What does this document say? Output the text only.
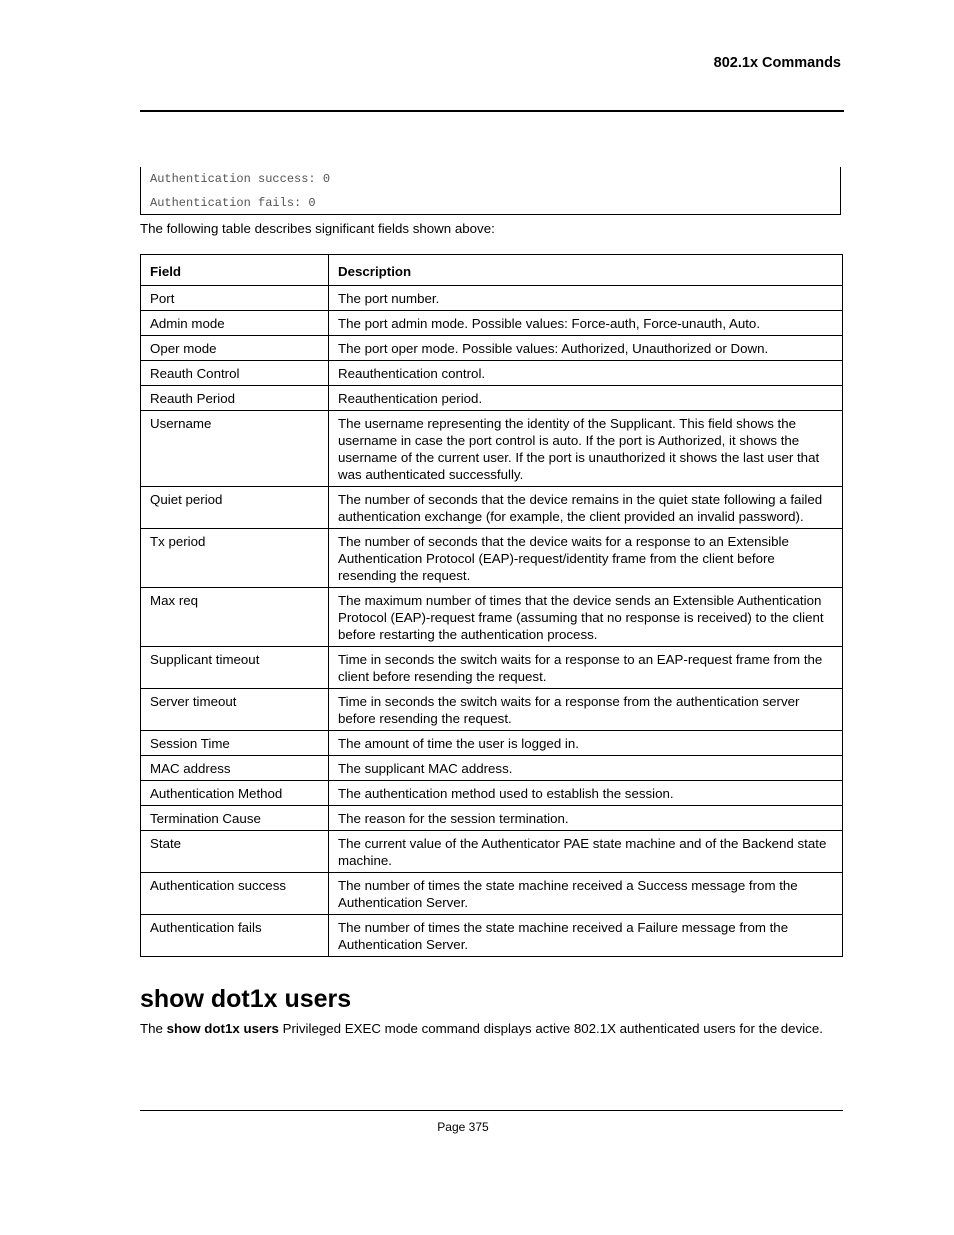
802.1x Commands
Authentication success: 0
Authentication fails: 0
The following table describes significant fields shown above:
Field	Description
Port	The port number.
Admin mode	The port admin mode. Possible values: Force-auth, Force-unauth, Auto.
Oper mode	The port oper mode. Possible values: Authorized, Unauthorized or Down.
Reauth Control	Reauthentication control.
Reauth Period	Reauthentication period.
Username	The username representing the identity of the Supplicant. This field shows the username in case the port control is auto. If the port is Authorized, it shows the username of the current user. If the port is unauthorized it shows the last user that was authenticated successfully.
Quiet period	The number of seconds that the device remains in the quiet state following a failed authentication exchange (for example, the client provided an invalid password).
Tx period	The number of seconds that the device waits for a response to an Extensible Authentication Protocol (EAP)-request/identity frame from the client before resending the request.
Max req	The maximum number of times that the device sends an Extensible Authentication Protocol (EAP)-request frame (assuming that no response is received) to the client before restarting the authentication process.
Supplicant timeout	Time in seconds the switch waits for a response to an EAP-request frame from the client before resending the request.
Server timeout	Time in seconds the switch waits for a response from the authentication server before resending the request.
Session Time	The amount of time the user is logged in.
MAC address	The supplicant MAC address.
Authentication Method	The authentication method used to establish the session.
Termination Cause	The reason for the session termination.
State	The current value of the Authenticator PAE state machine and of the Backend state machine.
Authentication success	The number of times the state machine received a Success message from the Authentication Server.
Authentication fails	The number of times the state machine received a Failure message from the Authentication Server.
show dot1x users

The show dot1x users Privileged EXEC mode command displays active 802.1X authenticated users for the device.

Page 375
